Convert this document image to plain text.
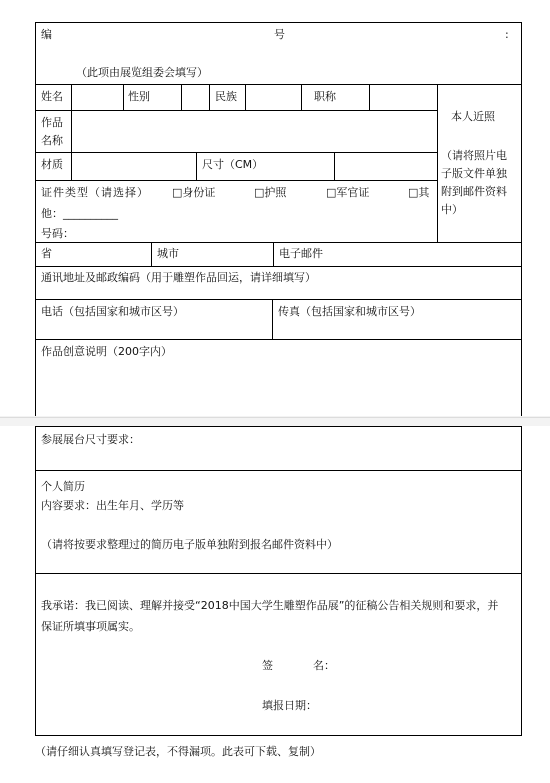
编	号	:
（此项由展览组委会填写）
姓名	性别	民族	职称
本人近照
（请将照片电
子版文件单独
附到邮件资料
中）
作品
名称
材质	尺寸（CM）
证件类型（请选择） □身份证	□护照	□军官证	□其
他：__________
号码：
省	城市	电子邮件
通讯地址及邮政编码（用于雕塑作品回运，请详细填写）
电话（包括国家和城市区号）	传真（包括国家和城市区号）
作品创意说明（200字内）
参展展台尺寸要求：
个人简历
内容要求：出生年月、学历等
（请将按要求整理过的简历电子版单独附到报名邮件资料中）
我承诺：我已阅读、理解并接受“2018中国大学生雕塑作品展”的征稿公告相关规则和要求，并
保证所填事项属实。
签	名：
填报日期：
（请仔细认真填写登记表，不得漏项。此表可下载、复制）
